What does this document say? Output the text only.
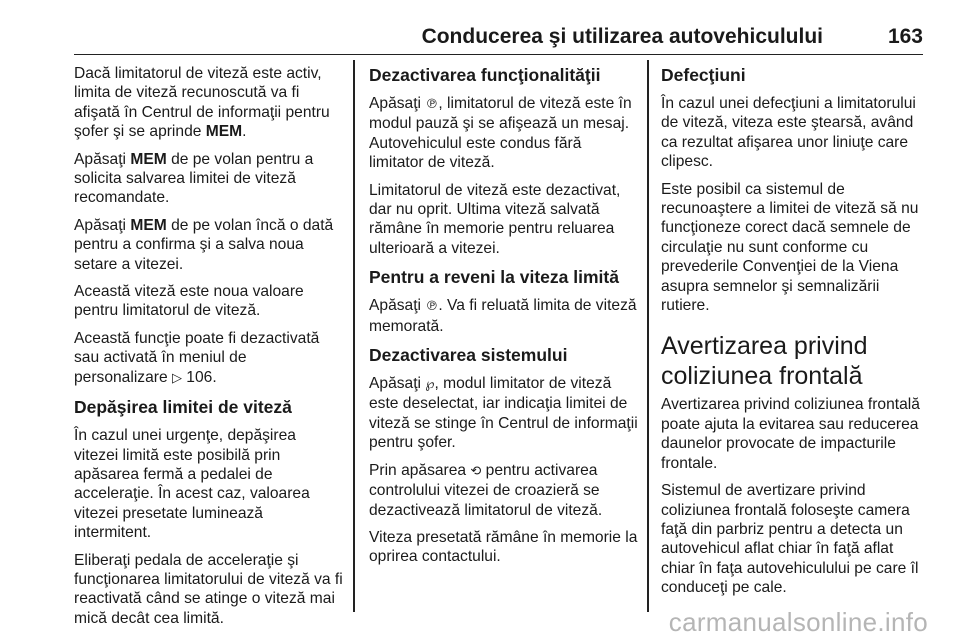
Conducerea şi utilizarea autovehiculului	163

Dacă limitatorul de viteză este activ, limita de viteză recunoscută va fi afişată în Centrul de informaţii pentru şofer şi se aprinde MEM.

Apăsaţi MEM de pe volan pentru a solicita salvarea limitei de viteză recomandate.

Apăsaţi MEM de pe volan încă o dată pentru a confirma şi a salva noua setare a vitezei.

Această viteză este noua valoare pentru limitatorul de viteză.

Această funcţie poate fi dezactivată sau activată în meniul de personalizare ▷ 106.

Depăşirea limitei de viteză

În cazul unei urgenţe, depăşirea vitezei limită este posibilă prin apăsarea fermă a pedalei de acceleraţie. În acest caz, valoarea vitezei presetate luminează intermitent.

Eliberaţi pedala de acceleraţie şi funcţionarea limitatorului de viteză va fi reactivată când se atinge o viteză mai mică decât cea limită.

Dezactivarea funcţionalităţii

Apăsaţi ℗, limitatorul de viteză este în modul pauză şi se afişează un mesaj. Autovehiculul este condus fără limitator de viteză.

Limitatorul de viteză este dezactivat, dar nu oprit. Ultima viteză salvată rămâne în memorie pentru reluarea ulterioară a vitezei.

Pentru a reveni la viteza limită

Apăsaţi ℗. Va fi reluată limita de viteză memorată.

Dezactivarea sistemului

Apăsaţi ℘, modul limitator de viteză este deselectat, iar indicaţia limitei de viteză se stinge în Centrul de informaţii pentru şofer.

Prin apăsarea ⟲ pentru activarea controlului vitezei de croazieră se dezactivează limitatorul de viteză.

Viteza presetată rămâne în memorie la oprirea contactului.

Defecţiuni

În cazul unei defecţiuni a limitatorului de viteză, viteza este ştearsă, având ca rezultat afişarea unor liniuţe care clipesc.

Este posibil ca sistemul de recunoaştere a limitei de viteză să nu funcţioneze corect dacă semnele de circulaţie nu sunt conforme cu prevederile Convenţiei de la Viena asupra semnelor şi semnalizării rutiere.

Avertizarea privind coliziunea frontală

Avertizarea privind coliziunea frontală poate ajuta la evitarea sau reducerea daunelor provocate de impacturile frontale.

Sistemul de avertizare privind coliziunea frontală foloseşte camera faţă din parbriz pentru a detecta un autovehicul aflat chiar în faţă aflat chiar în faţa autovehiculului pe care îl conduceţi pe cale.

carmanualsonline.info
